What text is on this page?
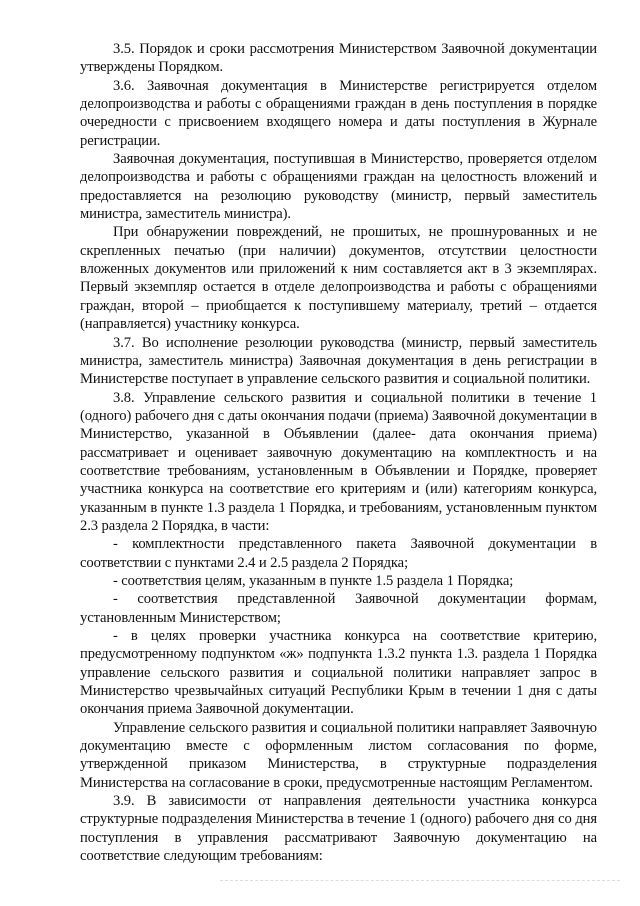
3.5. Порядок и сроки рассмотрения Министерством Заявочной документации утверждены Порядком.

3.6. Заявочная документация в Министерстве регистрируется отделом делопроизводства и работы с обращениями граждан в день поступления в порядке очередности с присвоением входящего номера и даты поступления в Журнале регистрации.

Заявочная документация, поступившая в Министерство, проверяется отделом делопроизводства и работы с обращениями граждан на целостность вложений и предоставляется на резолюцию руководству (министр, первый заместитель министра, заместитель министра).

При обнаружении повреждений, не прошитых, не прошнурованных и не скрепленных печатью (при наличии) документов, отсутствии целостности вложенных документов или приложений к ним составляется акт в 3 экземплярах. Первый экземпляр остается в отделе делопроизводства и работы с обращениями граждан, второй – приобщается к поступившему материалу, третий – отдается (направляется) участнику конкурса.

3.7. Во исполнение резолюции руководства (министр, первый заместитель министра, заместитель министра) Заявочная документация в день регистрации в Министерстве поступает в управление сельского развития и социальной политики.

3.8. Управление сельского развития и социальной политики в течение 1 (одного) рабочего дня с даты окончания подачи (приема) Заявочной документации в Министерство, указанной в Объявлении (далее- дата окончания приема) рассматривает и оценивает заявочную документацию на комплектность и на соответствие требованиям, установленным в Объявлении и Порядке, проверяет участника конкурса на соответствие его критериям и (или) категориям конкурса, указанным в пункте 1.3 раздела 1 Порядка, и требованиям, установленным пунктом 2.3 раздела 2 Порядка, в части:

- комплектности представленного пакета Заявочной документации в соответствии с пунктами 2.4 и 2.5 раздела 2 Порядка;

- соответствия целям, указанным в пункте 1.5 раздела 1 Порядка;

- соответствия представленной Заявочной документации формам, установленным Министерством;

- в целях проверки участника конкурса на соответствие критерию, предусмотренному подпунктом «ж» подпункта 1.3.2 пункта 1.3. раздела 1 Порядка управление сельского развития и социальной политики направляет запрос в Министерство чрезвычайных ситуаций Республики Крым в течении 1 дня с даты окончания приема Заявочной документации.

Управление сельского развития и социальной политики направляет Заявочную документацию вместе с оформленным листом согласования по форме, утвержденной приказом Министерства, в структурные подразделения Министерства на согласование в сроки, предусмотренные настоящим Регламентом.

3.9. В зависимости от направления деятельности участника конкурса структурные подразделения Министерства в течение 1 (одного) рабочего дня со дня поступления в управления рассматривают Заявочную документацию на соответствие следующим требованиям:
